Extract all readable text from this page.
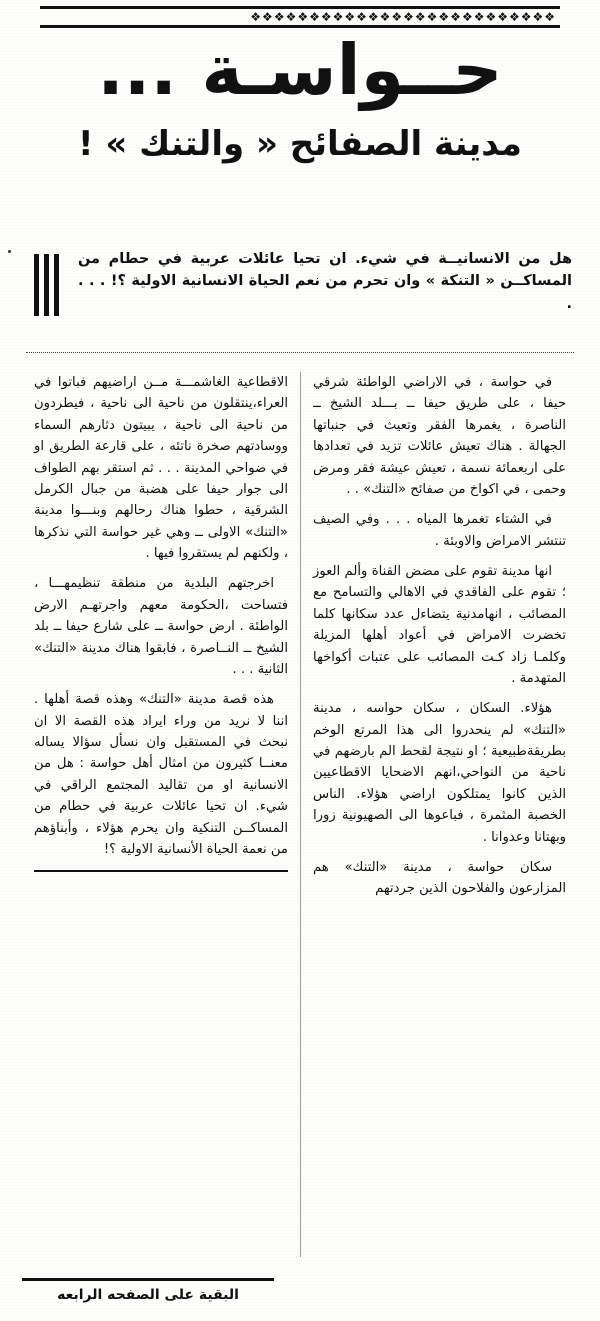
❖❖❖❖❖❖❖❖❖❖❖❖❖❖❖❖❖❖❖❖❖❖❖❖❖❖
حــواسـة ...
مدينة الصفائح « والتنك » !
هل من الانسانيــة في شيء. ان تحيا عائلات عربية في حطام من المساكــن « التنكة » وان تحرم من نعم الحياة الانسانية الاولية ؟! . . . .

في حواسة ، في الاراضي الواطئة شرقي حيفا ، على طريق حيفا ــ بـــلد الشيخ ــ الناصرة ، يغمرها الفقر وتعيث في جنباتها الجهالة . هناك تعيش عائلات تزيد في تعدادها على اربعمائة نسمة ، تعيش عيشة فقر ومرض وحمى ، في اكواخ من صفائح «التنك» . .

في الشتاء تغمرها المياه . . . وفي الصيف تنتشر الامراض والاوبئة .

انها مدينة تقوم على مضض القناة وألم العوز ؛ تقوم على الفاقدي في الاهالي والتسامح مع المصائب ، انهامدنية يتضاءل عدد سكانها كلما تخضرت الامراض في أعواد أهلها المزيلة وكلمـا زاد كـت المصائب على عتبات أكواخها المتهدمة .

هؤلاء. السكان ، سكان حواسه ، مدينة «التنك» لم ينحدروا الى هذا المرتع الوخم بطريقةطبيعية ؛ او نتيجة لقحط الم بارضهم في ناحية من النواحي،انهم الاضحايا الاقطاعيين الذين كانوا يمتلكون اراضي هؤلاء. الناس الخصبة المثمرة ، فباعوها الى الصهيونية زورا وبهتانا وعدوانا .

سكان حواسة ، مدينة «التنك» هم المزارعون والفلاحون الذين جردتهم

الاقطاعية الغاشمـــة مــن اراضيهم فباتوا في العراء،ينتقلون من ناحية الى ناحية ، فيطردون من ناحية الى ناحية ، يبيتون دثارهم السماء ووسادتهم صخرة ناتئه ، على قارعة الطريق او في ضواحي المدينة . . . ثم استقر بهم الطواف الى جوار حيفا على هضبة من جبال الكرمل الشرقية ، حطوا هناك رحالهم وبنـــوا مدينة «التنك» الاولى ــ وهي غير حواسة التي نذكرها ، ولكنهم لم يستقروا فيها .

اخرجتهم البلدية من منطقة تنظيمهـــا ، فتساحت ،الحكومة معهم واجرتهـم الارض الواطئة . ارض حواسة ــ على شارع حيفا ــ بلد الشيخ ــ النــاصرة ، فابقوا هناك مدينة «التنك» الثانية . . .

هذه قصة مدينة «التنك» وهذه قصة أهلها . اننا لا نريد من وراء ايراد هذه القصة الا ان نبحث في المستقبل وان نسأل سؤالا يساله معنــا كثيرون من امثال أهل حواسة : هل من الانسانية او من تقاليد المجتمع الراقي في شيء. ان تحيا عائلات عربية في حطام من المساكــن التنكية وان يحرم هؤلاء ، وأبناؤهم من نعمة الحياة الأنسانية الاولية ؟!

البقية على الصفحه الرابعه
